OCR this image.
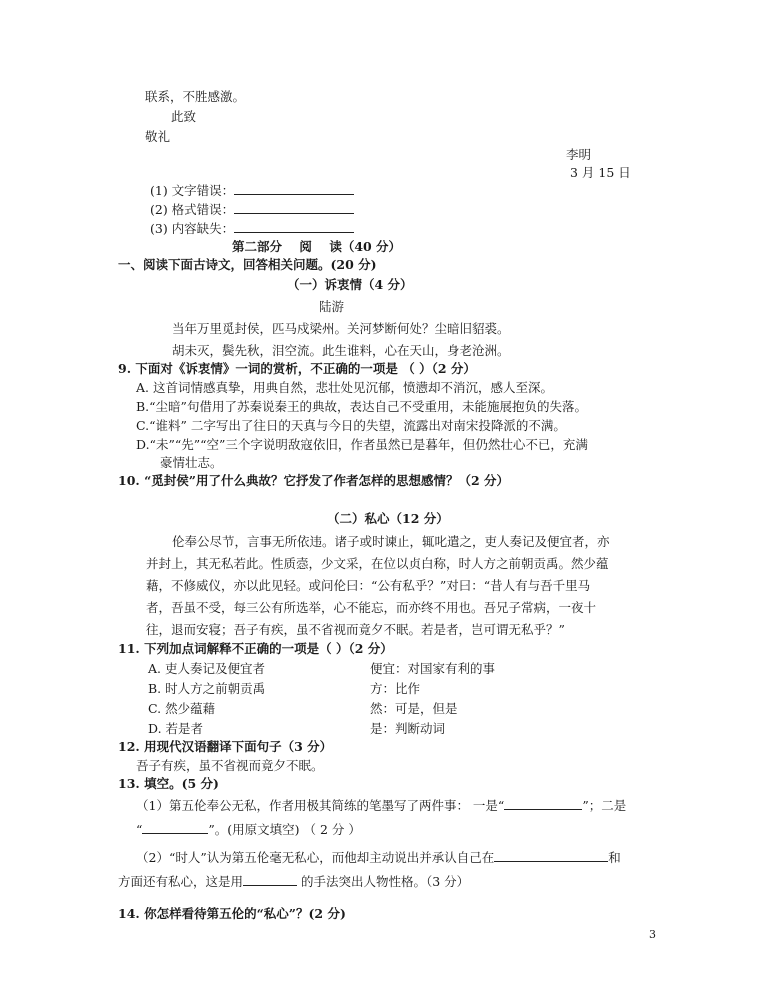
联系，不胜感激。
此致
敬礼
李明
3 月 15 日
(1) 文字错误：
(2) 格式错误：
(3) 内容缺失：
第二部分    阅    读（40 分）
一、阅读下面古诗文，回答相关问题。(20 分)
（一）诉衷情（4 分）
陆游
当年万里觅封侯，匹马戍梁州。关河梦断何处？尘暗旧貂裘。
胡未灭，鬓先秋，泪空流。此生谁料，心在天山，身老沧洲。
9. 下面对《诉衷情》一词的赏析，不正确的一项是 （ ）（2 分）
A. 这首词情感真挚，用典自然，悲壮处见沉郁，愤懑却不消沉，感人至深。
B.“尘暗”句借用了苏秦说秦王的典故，表达自己不受重用，未能施展抱负的失落。
C.“谁料” 二字写出了往日的天真与今日的失望，流露出对南宋投降派的不满。
D.“未”“先”“空”三个字说明敌寇依旧，作者虽然已是暮年，但仍然壮心不已，充满
豪情壮志。
10. “觅封侯”用了什么典故？它抒发了作者怎样的思想感情？（2 分）
（二）私心（12 分）
伦奉公尽节，言事无所依违。诸子或时谏止，辄叱遣之，吏人奏记及便宜者，亦
并封上，其无私若此。性质悫，少文采，在位以贞白称，时人方之前朝贡禹。然少蕴
藉，不修威仪，亦以此见轻。或问伦曰：“公有私乎？”对曰：“昔人有与吾千里马
者，吾虽不受，每三公有所选举，心不能忘，而亦终不用也。吾兄子常病，一夜十
往，退而安寝；吾子有疾，虽不省视而竟夕不眠。若是者，岂可谓无私乎？”
11. 下列加点词解释不正确的一项是（ ）（2 分）
A. 吏人奏记及便宜者	便宜：对国家有利的事
B. 时人方之前朝贡禹	方：比作
C. 然少蕴藉	然：可是，但是
D. 若是者	是：判断动词
12. 用现代汉语翻译下面句子（3 分）
吾子有疾，虽不省视而竟夕不眠。
13. 填空。(5 分)
（1）第五伦奉公无私，作者用极其简练的笔墨写了两件事： 一是“	”；二是
“	”。(用原文填空) （ 2 分 ）
（2）“时人”认为第五伦毫无私心，而他却主动说出并承认自己在	和
方面还有私心，这是用	的手法突出人物性格。（3 分）
14. 你怎样看待第五伦的“私心”？(2 分)
3
